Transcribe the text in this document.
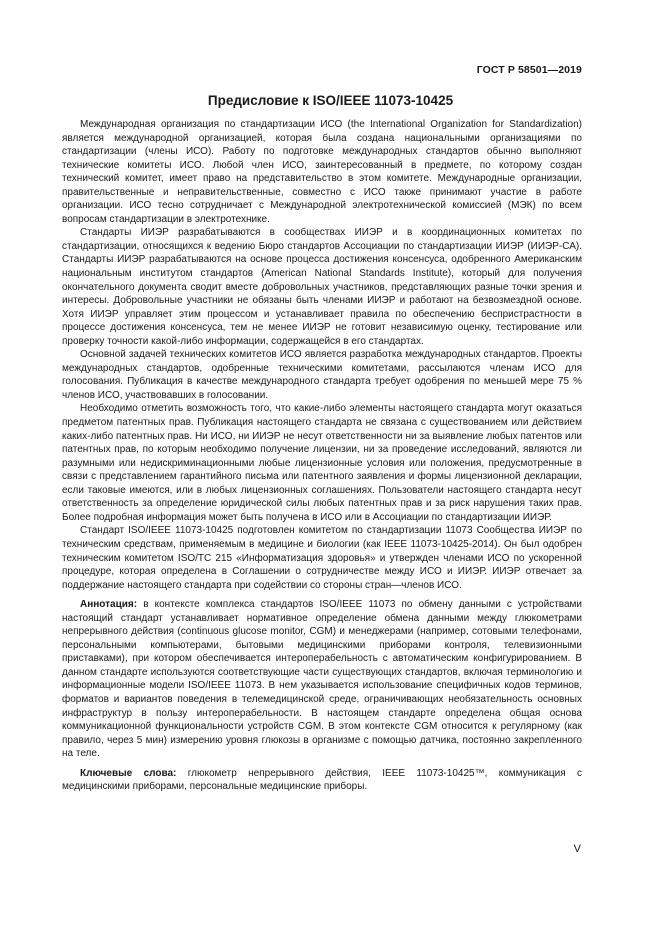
ГОСТ Р 58501—2019
Предисловие к ISO/IEEE 11073-10425

Международная организация по стандартизации ИСО (the International Organization for Standardization) является международной организацией, которая была создана национальными организациями по стандартизации (члены ИСО). Работу по подготовке международных стандартов обычно выполняют технические комитеты ИСО. Любой член ИСО, заинтересованный в предмете, по которому создан технический комитет, имеет право на представительство в этом комитете. Международные организации, правительственные и неправительственные, совместно с ИСО также принимают участие в работе организации. ИСО тесно сотрудничает с Международной электротехнической комиссией (МЭК) по всем вопросам стандартизации в электротехнике.

Стандарты ИИЭР разрабатываются в сообществах ИИЭР и в координационных комитетах по стандартизации, относящихся к ведению Бюро стандартов Ассоциации по стандартизации ИИЭР (ИИЭР-СА). Стандарты ИИЭР разрабатываются на основе процесса достижения консенсуса, одобренного Американским национальным институтом стандартов (American National Standards Institute), который для получения окончательного документа сводит вместе добровольных участников, представляющих разные точки зрения и интересы. Добровольные участники не обязаны быть членами ИИЭР и работают на безвозмездной основе. Хотя ИИЭР управляет этим процессом и устанавливает правила по обеспечению беспристрастности в процессе достижения консенсуса, тем не менее ИИЭР не готовит независимую оценку, тестирование или проверку точности какой-либо информации, содержащейся в его стандартах.

Основной задачей технических комитетов ИСО является разработка международных стандартов. Проекты международных стандартов, одобренные техническими комитетами, рассылаются членам ИСО для голосования. Публикация в качестве международного стандарта требует одобрения по меньшей мере 75 % членов ИСО, участвовавших в голосовании.

Необходимо отметить возможность того, что какие-либо элементы настоящего стандарта могут оказаться предметом патентных прав. Публикация настоящего стандарта не связана с существованием или действием каких-либо патентных прав. Ни ИСО, ни ИИЭР не несут ответственности ни за выявление любых патентов или патентных прав, по которым необходимо получение лицензии, ни за проведение исследований, являются ли разумными или недискриминационными любые лицензионные условия или положения, предусмотренные в связи с представлением гарантийного письма или патентного заявления и формы лицензионной декларации, если таковые имеются, или в любых лицензионных соглашениях. Пользователи настоящего стандарта несут ответственность за определение юридической силы любых патентных прав и за риск нарушения таких прав. Более подробная информация может быть получена в ИСО или в Ассоциации по стандартизации ИИЭР.

Стандарт ISO/IEEE 11073-10425 подготовлен комитетом по стандартизации 11073 Сообщества ИИЭР по техническим средствам, применяемым в медицине и биологии (как IEEE 11073-10425-2014). Он был одобрен техническим комитетом ISO/TC 215 «Информатизация здоровья» и утвержден членами ИСО по ускоренной процедуре, которая определена в Соглашении о сотрудничестве между ИСО и ИИЭР. ИИЭР отвечает за поддержание настоящего стандарта при содействии со стороны стран—членов ИСО.

Аннотация: в контексте комплекса стандартов ISO/IEEE 11073 по обмену данными с устройствами настоящий стандарт устанавливает нормативное определение обмена данными между глюкометрами непрерывного действия (continuous glucose monitor, CGM) и менеджерами (например, сотовыми телефонами, персональными компьютерами, бытовыми медицинскими приборами контроля, телевизионными приставками), при котором обеспечивается интероперабельность с автоматическим конфигурированием. В данном стандарте используются соответствующие части существующих стандартов, включая терминологию и информационные модели ISO/IEEE 11073. В нем указывается использование специфичных кодов терминов, форматов и вариантов поведения в телемедицинской среде, ограничивающих необязательность основных инфраструктур в пользу интероперабельности. В настоящем стандарте определена общая основа коммуникационной функциональности устройств CGM. В этом контексте CGM относится к регулярному (как правило, через 5 мин) измерению уровня глюкозы в организме с помощью датчика, постоянно закрепленного на теле.

Ключевые слова: глюкометр непрерывного действия, IEEE 11073-10425™, коммуникация с медицинскими приборами, персональные медицинские приборы.

V
